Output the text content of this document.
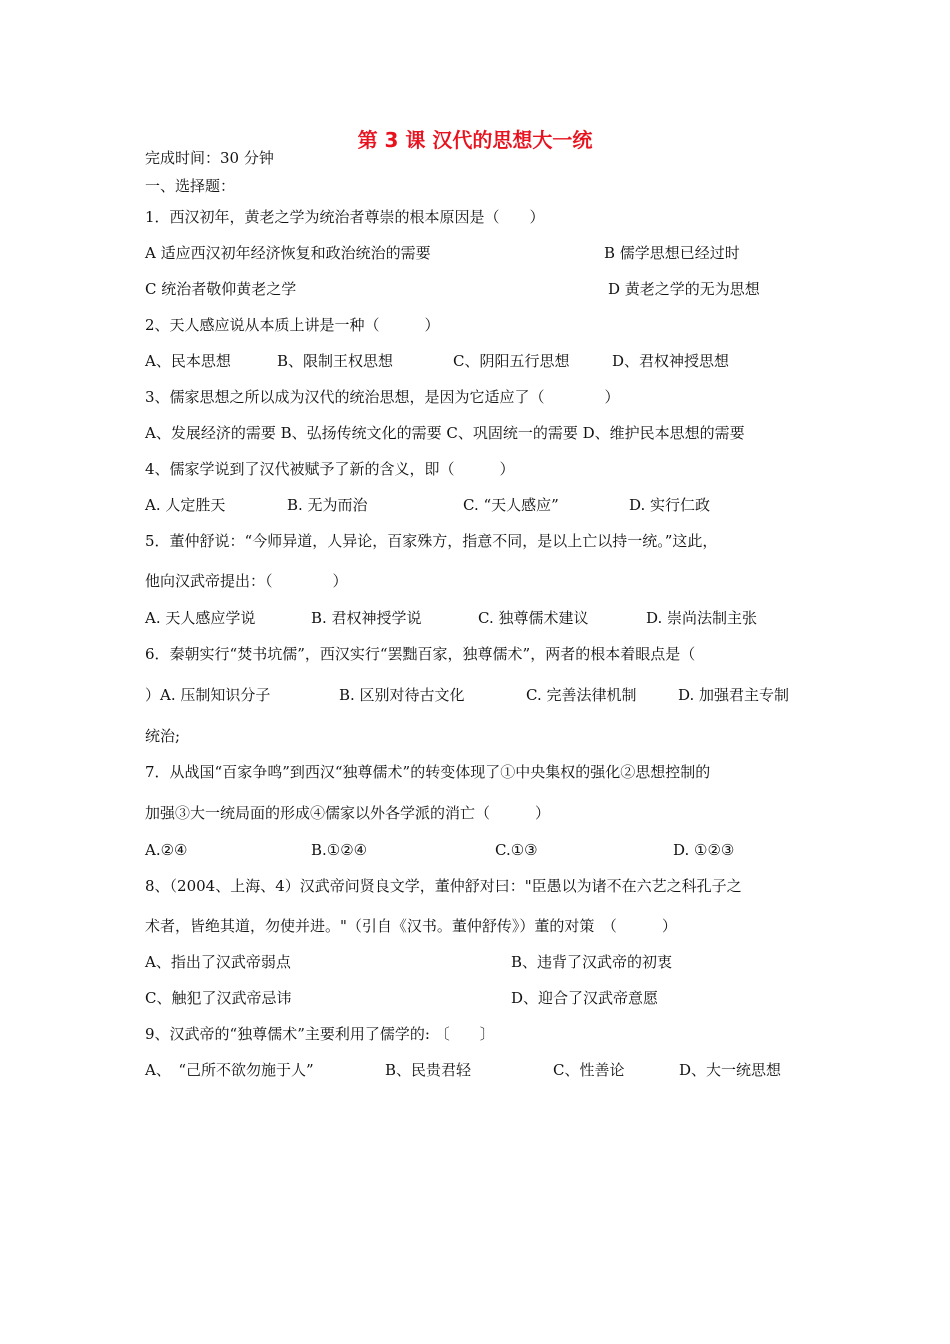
第 3 课 汉代的思想大一统
完成时间：30 分钟
一、选择题：
1．西汉初年，黄老之学为统治者尊崇的根本原因是（　　）
A 适应西汉初年经济恢复和政治统治的需要	B 儒学思想已经过时
C 统治者敬仰黄老之学	D 黄老之学的无为思想
2、天人感应说从本质上讲是一种（　　　）
A、民本思想	B、限制王权思想	C、阴阳五行思想	D、君权神授思想
3、儒家思想之所以成为汉代的统治思想，是因为它适应了（　　　　）
A、发展经济的需要 B、弘扬传统文化的需要 C、巩固统一的需要 D、维护民本思想的需要
4、儒家学说到了汉代被赋予了新的含义，即（　　　）
A. 人定胜天	B. 无为而治	C. “天人感应”	D. 实行仁政
5．董仲舒说：“今师异道，人异论，百家殊方，指意不同，是以上亡以持一统。”这此，
他向汉武帝提出：（　　　　）
A. 天人感应学说	B. 君权神授学说	C. 独尊儒术建议	D. 崇尚法制主张
6．秦朝实行“焚书坑儒”，西汉实行“罢黜百家，独尊儒术”，两者的根本着眼点是（
）A. 压制知识分子	B. 区别对待古文化	C. 完善法律机制	D. 加强君主专制
统治;
7．从战国“百家争鸣”到西汉“独尊儒术”的转变体现了①中央集权的强化②思想控制的
加强③大一统局面的形成④儒家以外各学派的消亡（　　　）
A.②④	B.①②④	C.①③	D. ①②③
8、（2004、上海、4）汉武帝问贤良文学，董仲舒对曰："臣愚以为诸不在六艺之科孔子之
术者，皆绝其道，勿使并进。"（引自《汉书。董仲舒传》）董的对策　（　　　）
A、指出了汉武帝弱点	B、违背了汉武帝的初衷
C、触犯了汉武帝忌讳	D、迎合了汉武帝意愿
9、汉武帝的“独尊儒术”主要利用了儒学的: 〔　　〕
A、　“己所不欲勿施于人”	B、民贵君轻	C、性善论	D、大一统思想
